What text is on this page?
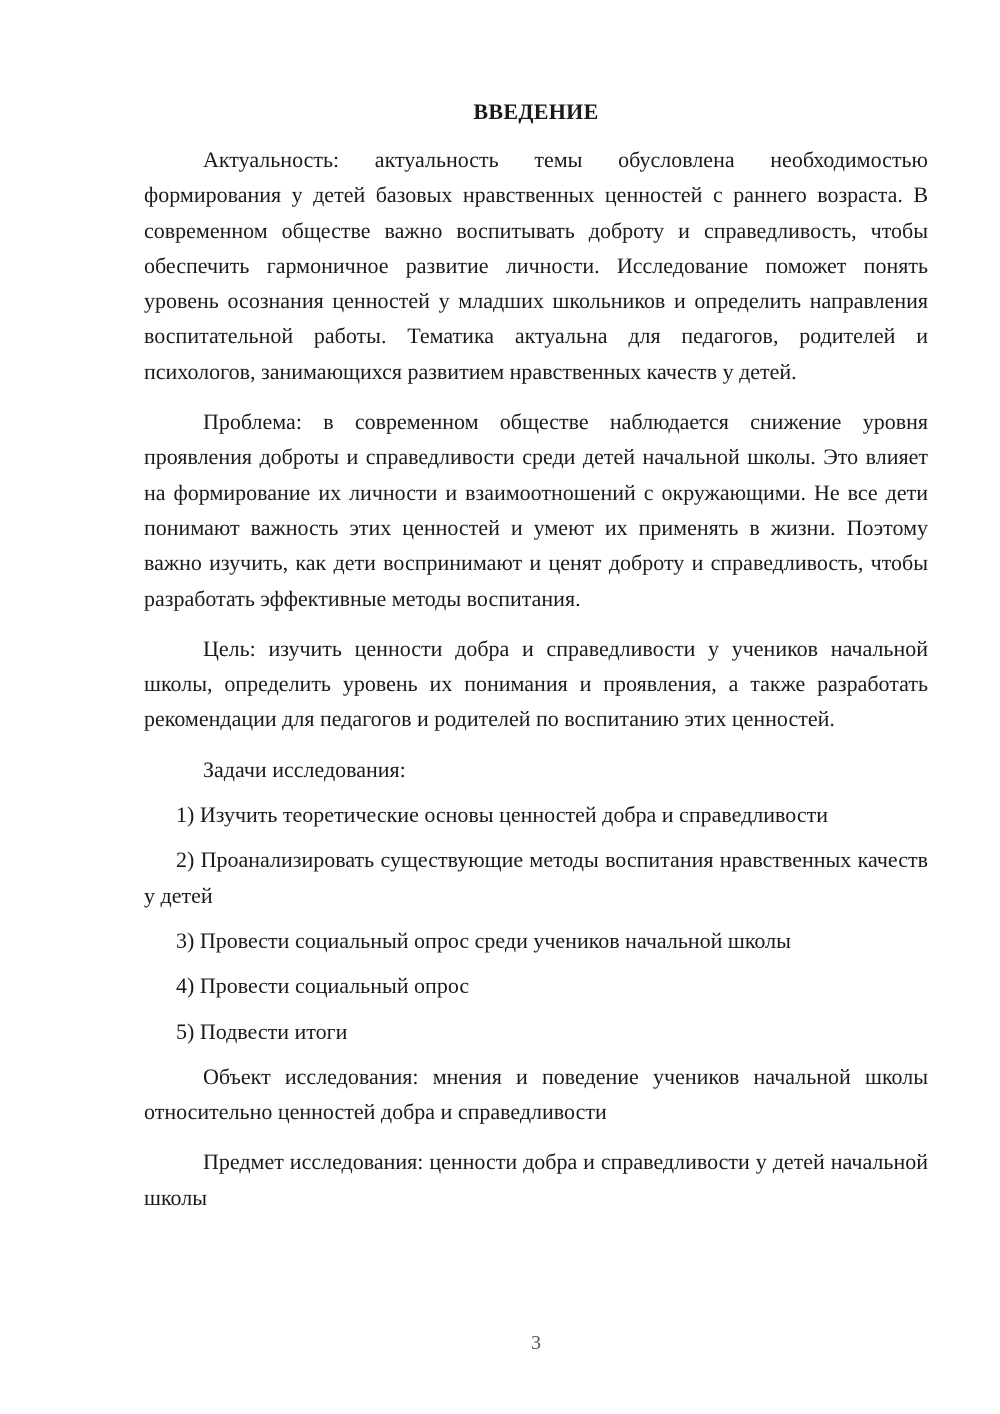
ВВЕДЕНИЕ

Актуальность: актуальность темы обусловлена необходимостью формирования у детей базовых нравственных ценностей с раннего возраста. В современном обществе важно воспитывать доброту и справедливость, чтобы обеспечить гармоничное развитие личности. Исследование поможет понять уровень осознания ценностей у младших школьников и определить направления воспитательной работы. Тематика актуальна для педагогов, родителей и психологов, занимающихся развитием нравственных качеств у детей.

Проблема: в современном обществе наблюдается снижение уровня проявления доброты и справедливости среди детей начальной школы. Это влияет на формирование их личности и взаимоотношений с окружающими. Не все дети понимают важность этих ценностей и умеют их применять в жизни. Поэтому важно изучить, как дети воспринимают и ценят доброту и справедливость, чтобы разработать эффективные методы воспитания.

Цель: изучить ценности добра и справедливости у учеников начальной школы, определить уровень их понимания и проявления, а также разработать рекомендации для педагогов и родителей по воспитанию этих ценностей.

Задачи исследования:

1) Изучить теоретические основы ценностей добра и справедливости

2) Проанализировать существующие методы воспитания нравственных качеств у детей

3) Провести социальный опрос среди учеников начальной школы

4) Провести социальный опрос

5) Подвести итоги

Объект исследования: мнения и поведение учеников начальной школы относительно ценностей добра и справедливости

Предмет исследования: ценности добра и справедливости у детей начальной школы

3
